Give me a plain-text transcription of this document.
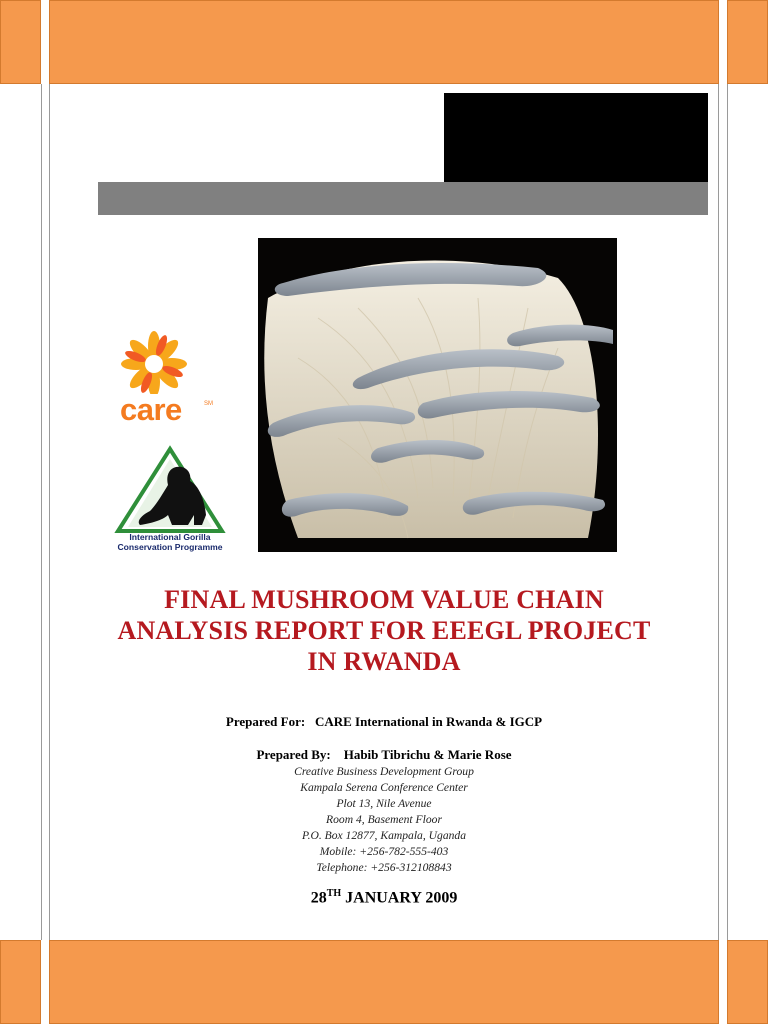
care	SM
International Gorilla
Conservation Programme
FINAL MUSHROOM VALUE CHAIN
ANALYSIS REPORT FOR EEEGL PROJECT
IN RWANDA
Prepared For: CARE International in Rwanda & IGCP
Prepared By: Habib Tibrichu & Marie Rose
Creative Business Development Group
Kampala Serena Conference Center
Plot 13, Nile Avenue
Room 4, Basement Floor
P.O. Box 12877, Kampala, Uganda
Mobile: +256-782-555-403
Telephone: +256-312108843
28TH JANUARY 2009
